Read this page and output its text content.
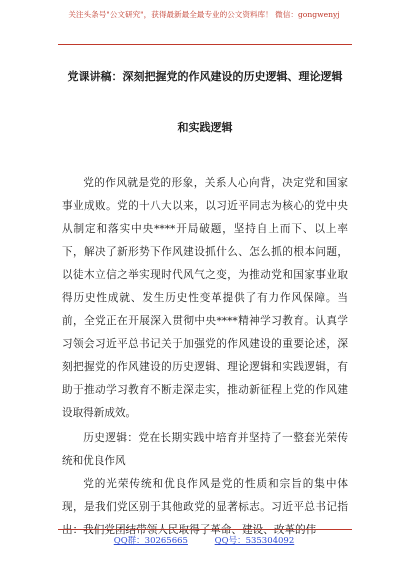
关注头条号"公文研究"，获得最新最全最专业的公文资料库！ 微信：gongwenyj
党课讲稿：深刻把握党的作风建设的历史逻辑、理论逻辑
和实践逻辑

党的作风就是党的形象，关系人心向背，决定党和国家事业成败。党的十八大以来，以习近平同志为核心的党中央从制定和落实中央****开局破题，坚持自上而下、以上率下，解决了新形势下作风建设抓什么、怎么抓的根本问题，以徒木立信之举实现时代风气之变，为推动党和国家事业取得历史性成就、发生历史性变革提供了有力作风保障。当前，全党正在开展深入贯彻中央****精神学习教育。认真学习领会习近平总书记关于加强党的作风建设的重要论述，深刻把握党的作风建设的历史逻辑、理论逻辑和实践逻辑，有助于推动学习教育不断走深走实，推动新征程上党的作风建设取得新成效。

历史逻辑：党在长期实践中培育并坚持了一整套光荣传统和优良作风

党的光荣传统和优良作风是党的性质和宗旨的集中体现，是我们党区别于其他政党的显著标志。习近平总书记指出：我们党团结带领人民取得了革命、建设、改革的伟

QQ群：30265665	QQ号：535304092
